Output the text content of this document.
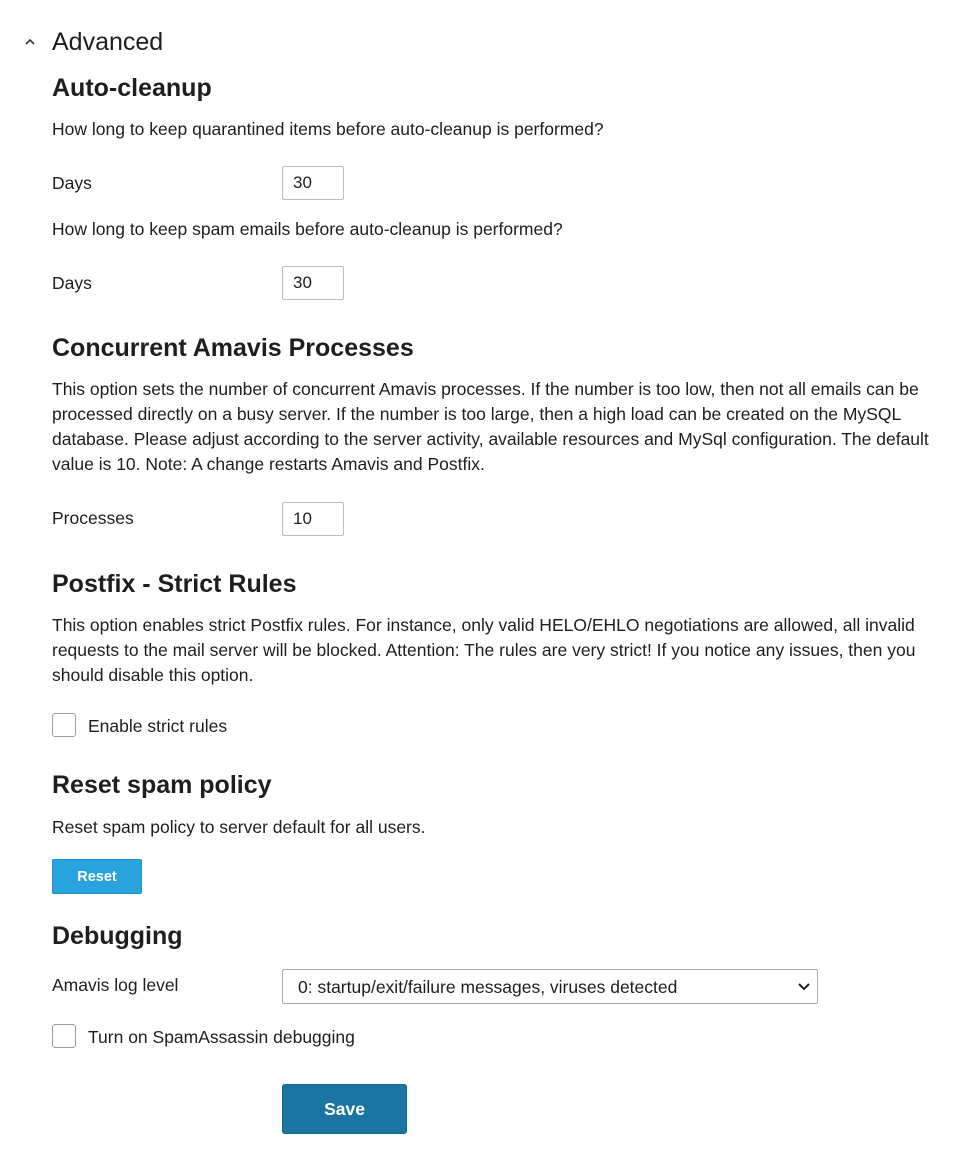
Advanced
Auto-cleanup

How long to keep quarantined items before auto-cleanup is performed?

Days	30

How long to keep spam emails before auto-cleanup is performed?

Days	30
Concurrent Amavis Processes

This option sets the number of concurrent Amavis processes. If the number is too low, then not all emails can be processed directly on a busy server. If the number is too large, then a high load can be created on the MySQL database. Please adjust according to the server activity, available resources and MySql configuration. The default value is 10. Note: A change restarts Amavis and Postfix.

Processes	10
Postfix - Strict Rules

This option enables strict Postfix rules. For instance, only valid HELO/EHLO negotiations are allowed, all invalid requests to the mail server will be blocked. Attention: The rules are very strict! If you notice any issues, then you should disable this option.

Enable strict rules
Reset spam policy

Reset spam policy to server default for all users.

Reset
Debugging
Amavis log level	0: startup/exit/failure messages, viruses detected
Turn on SpamAssassin debugging
Save
